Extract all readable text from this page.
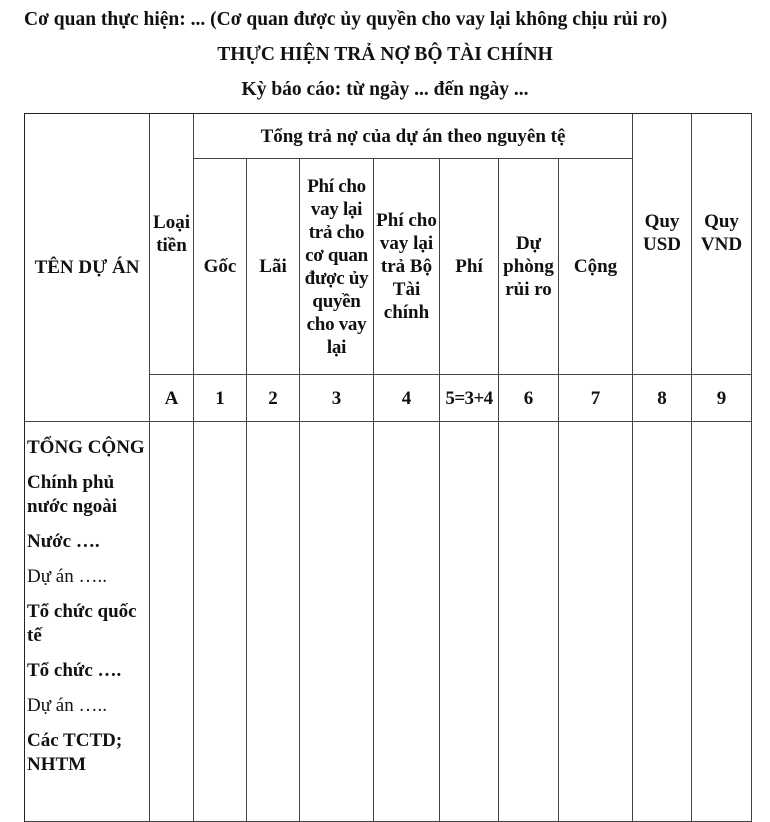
Cơ quan thực hiện: ... (Cơ quan được ủy quyền cho vay lại không chịu rủi ro)
THỰC HIỆN TRẢ NỢ BỘ TÀI CHÍNH
Kỳ báo cáo: từ ngày ... đến ngày ...
TÊN DỰ ÁN	Loại tiền	Tổng trả nợ của dự án theo nguyên tệ							Quy USD	Quy VND

		Gốc	Lãi	Phí cho vay lại trả cho cơ quan được ủy quyền cho vay lại	Phí cho vay lại trả Bộ Tài chính	Phí	Dự phòng rủi ro	Cộng		
	A	1	2	3	4	5=3+4	6	7	8	9

TỔNG CỘNG

Chính phủ nước ngoài

Nước ….

Dự án …..

Tổ chức quốc tế

Tổ chức ….

Dự án …..

Các TCTD; NHTM
